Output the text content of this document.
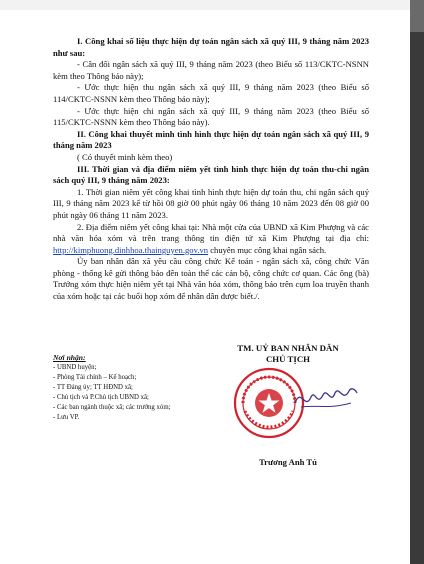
I. Công khai số liệu thực hiện dự toán ngân sách xã quý III, 9 tháng năm 2023 như sau:

- Cân đối ngân sách xã quý III, 9 tháng năm 2023 (theo Biểu số 113/CKTC-NSNN kèm theo Thông báo này);

- Ước thực hiện thu ngân sách xã quý III, 9 tháng năm 2023 (theo Biểu số 114/CKTC-NSNN kèm theo Thông báo này);

- Ước thực hiện chi ngân sách xã quý III, 9 tháng năm 2023 (theo Biểu số 115/CKTC-NSNN kèm theo Thông báo này).

II. Công khai thuyết minh tình hình thực hiện dự toán ngân sách xã quý III, 9 tháng năm 2023

( Có thuyết minh kèm theo)

III. Thời gian và địa điểm niêm yết tình hình thực hiện dự toán thu-chi ngân sách quý III, 9 tháng năm 2023:

1. Thời gian niêm yết công khai tình hình thực hiện dự toán thu, chi ngân sách quý III, 9 tháng năm 2023 kể từ hồi 08 giờ 00 phút ngày 06 tháng 10 năm 2023 đến 08 giờ 00 phút ngày 06 tháng 11 năm 2023.

2. Địa điểm niêm yết công khai tại: Nhà một cửa của UBND xã Kim Phượng và các nhà văn hóa xóm và trên trang thông tin điện tử xã Kim Phượng tại địa chỉ: http://kimphuong.dinhhoa.thainguyen.gov.vn chuyên mục công khai ngân sách.

Ủy ban nhân dân xã yêu cầu công chức Kế toán - ngân sách xã, công chức Văn phòng - thống kê gửi thông báo đến toàn thể các cán bộ, công chức cơ quan. Các ông (bà) Trưởng xóm thực hiện niêm yết tại Nhà văn hóa xóm, thông báo trên cụm loa truyền thanh của xóm hoặc tại các buổi họp xóm để nhân dân được biết./.

Nơi nhận:
- UBND huyện;
- Phòng Tài chính – Kế hoạch;
- TT Đảng ủy; TT HĐND xã;
- Chủ tịch và P.Chủ tịch UBND xã;
- Các ban ngành thuộc xã; các trưởng xóm;
- Lưu VP.
TM. UỶ BAN NHÂN DÂN
CHỦ TỊCH
Trương Anh Tú
